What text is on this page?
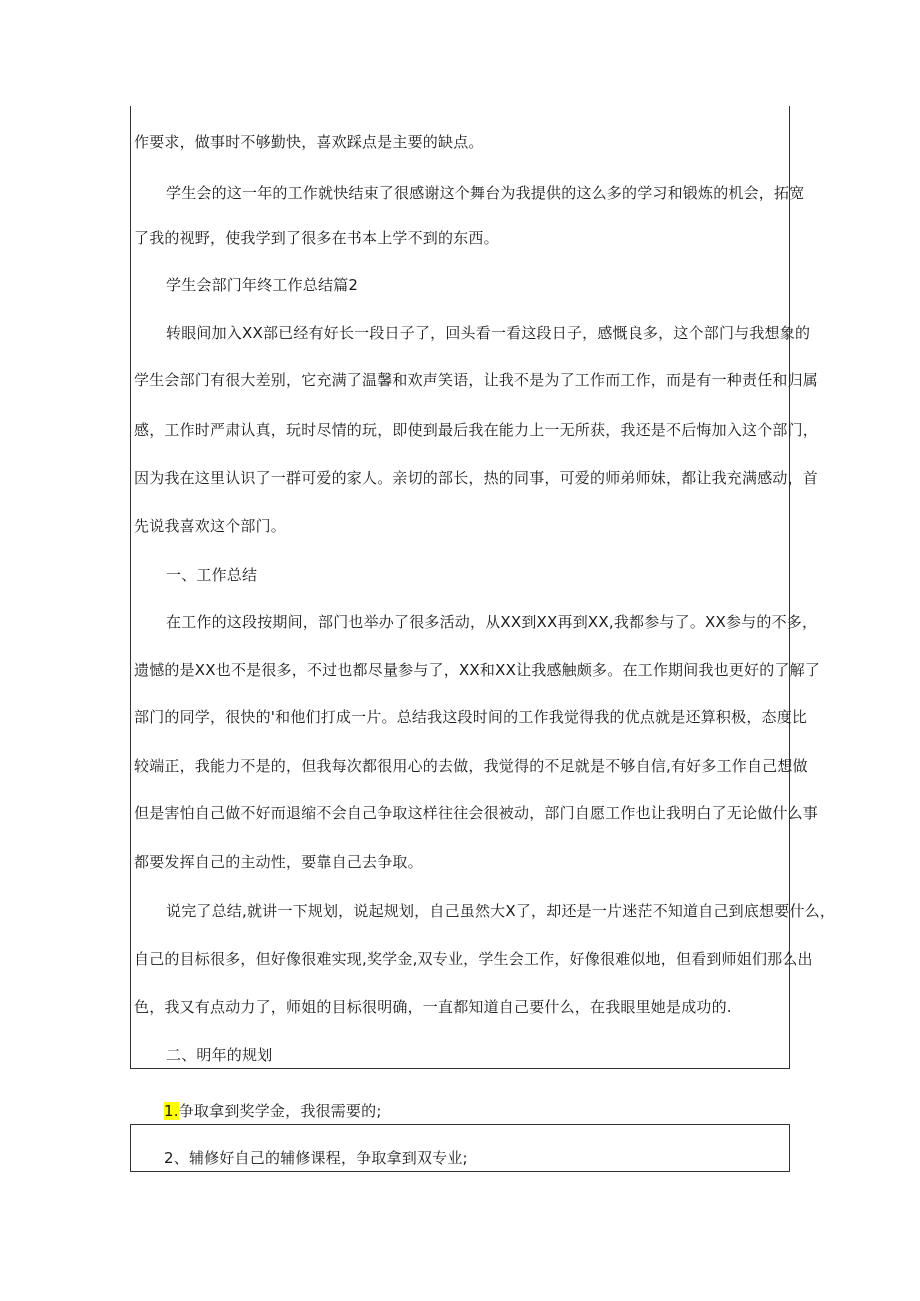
作要求，做事时不够勤快，喜欢踩点是主要的缺点。
学生会的这一年的工作就快结束了很感谢这个舞台为我提供的这么多的学习和锻炼的机会，拓宽
了我的视野，使我学到了很多在书本上学不到的东西。
学生会部门年终工作总结篇2
转眼间加入XX部已经有好长一段日子了，回头看一看这段日子，感慨良多，这个部门与我想象的
学生会部门有很大差别，它充满了温馨和欢声笑语，让我不是为了工作而工作，而是有一种责任和归属
感，工作时严肃认真，玩时尽情的玩，即使到最后我在能力上一无所获，我还是不后悔加入这个部门，
因为我在这里认识了一群可爱的家人。亲切的部长，热的同事，可爱的师弟师妹，都让我充满感动，首
先说我喜欢这个部门。
一、工作总结
在工作的这段按期间，部门也举办了很多活动，从XX到XX再到XX,我都参与了。XX参与的不多，
遗憾的是XX也不是很多，不过也都尽量参与了，XX和XX让我感触颇多。在工作期间我也更好的了解了
部门的同学，很快的'和他们打成一片。总结我这段时间的工作我觉得我的优点就是还算积极，态度比
较端正，我能力不是的，但我每次都很用心的去做，我觉得的不足就是不够自信,有好多工作自己想做
但是害怕自己做不好而退缩不会自己争取这样往往会很被动，部门自愿工作也让我明白了无论做什么事
都要发挥自己的主动性，要靠自己去争取。
说完了总结,就讲一下规划，说起规划，自己虽然大X了，却还是一片迷茫不知道自己到底想要什么，
自己的目标很多，但好像很难实现,奖学金,双专业，学生会工作，好像很难似地，但看到师姐们那么出
色，我又有点动力了，师姐的目标很明确，一直都知道自己要什么，在我眼里她是成功的.
二、明年的规划
1.争取拿到奖学金，我很需要的;
2、辅修好自己的辅修课程，争取拿到双专业;
